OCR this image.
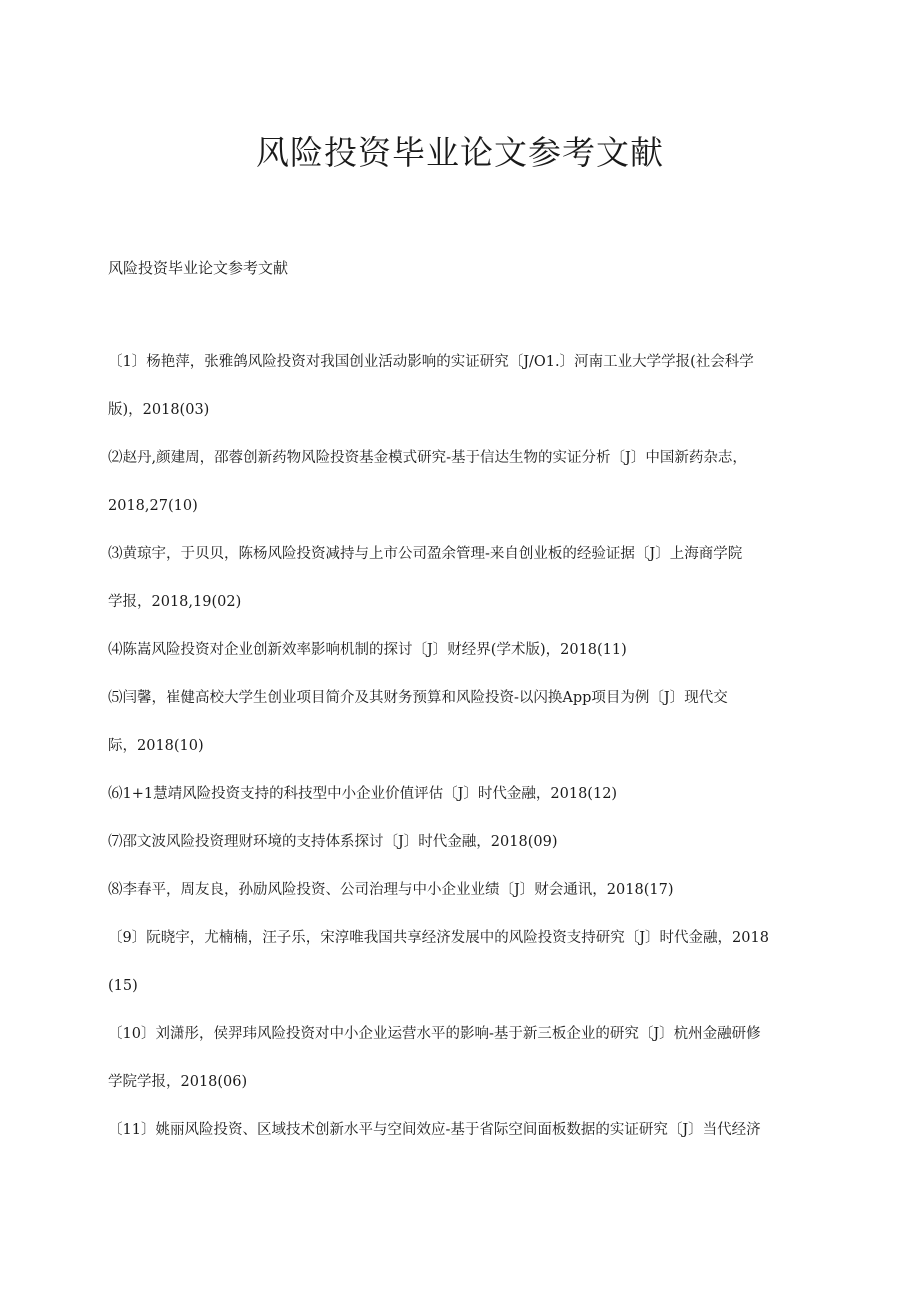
风险投资毕业论文参考文献

风险投资毕业论文参考文献

〔1〕杨艳萍，张雅鸽风险投资对我国创业活动影响的实证研究〔J/O1.〕河南工业大学学报(社会科学
版)，2018(03)
⑵赵丹,颜建周，邵蓉创新药物风险投资基金模式研究-基于信达生物的实证分析〔J〕中国新药杂志，
2018,27(10)
⑶黄琼宇，于贝贝，陈杨风险投资减持与上市公司盈余管理-来自创业板的经验证据〔J〕上海商学院
学报，2018,19(02)
⑷陈嵩风险投资对企业创新效率影响机制的探讨〔J〕财经界(学术版)，2018(11)
⑸闫馨，崔健高校大学生创业项目简介及其财务预算和风险投资-以闪换App项目为例〔J〕现代交
际，2018(10)
⑹1+1慧靖风险投资支持的科技型中小企业价值评估〔J〕时代金融，2018(12)
⑺邵文波风险投资理财环境的支持体系探讨〔J〕时代金融，2018(09)
⑻李春平，周友良，孙励风险投资、公司治理与中小企业业绩〔J〕财会通讯，2018(17)
〔9〕阮晓宇，尤楠楠，汪子乐，宋淳唯我国共享经济发展中的风险投资支持研究〔J〕时代金融，2018
(15)
〔10〕刘潇彤，侯羿玮风险投资对中小企业运营水平的影响-基于新三板企业的研究〔J〕杭州金融研修
学院学报，2018(06)
〔11〕姚丽风险投资、区域技术创新水平与空间效应-基于省际空间面板数据的实证研究〔J〕当代经济
